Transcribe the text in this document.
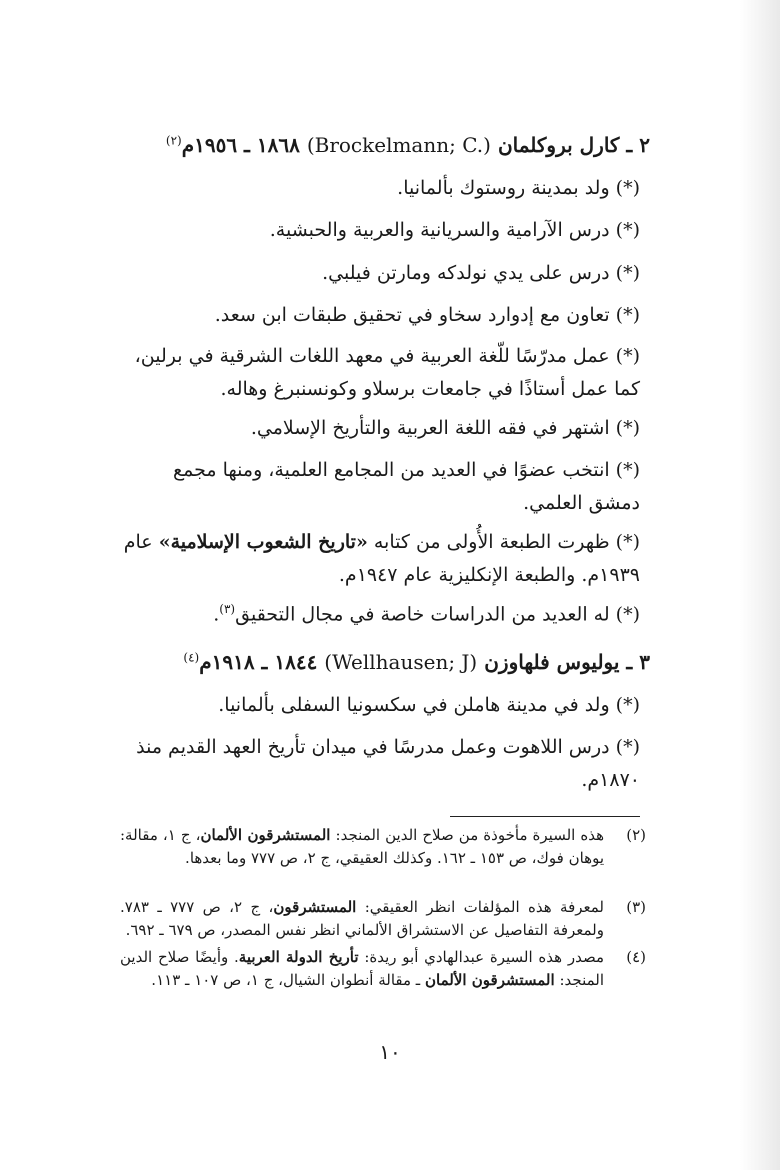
٢ ـ كارل بروكلمان (Brockelmann; C.) ١٨٦٨ ـ ١٩٥٦م$^{(٢)}$
(*) ولد بمدينة روستوك بألمانيا.
(*) درس الآرامية والسريانية والعربية والحبشية.
(*) درس على يدي نولدكه ومارتن فيلبي.
(*) تعاون مع إدوارد سخاو في تحقيق طبقات ابن سعد.
(*) عمل مدرّسًا للّغة العربية في معهد اللغات الشرقية في برلين، كما عمل أستاذًا في جامعات برسلاو وكونسنبرغ وهاله.
(*) اشتهر في فقه اللغة العربية والتأريخ الإسلامي.
(*) انتخب عضوًا في العديد من المجامع العلمية، ومنها مجمع دمشق العلمي.
(*) ظهرت الطبعة الأُولى من كتابه «تاريخ الشعوب الإسلامية» عام ١٩٣٩م. والطبعة الإنكليزية عام ١٩٤٧م.
(*) له العديد من الدراسات خاصة في مجال التحقيق$^{(٣)}$.
٣ ـ يوليوس فلهاوزن (Wellhausen; J) ١٨٤٤ ـ ١٩١٨م$^{(٤)}$
(*) ولد في مدينة هاملن في سكسونيا السفلى بألمانيا.
(*) درس اللاهوت وعمل مدرسًا في ميدان تأريخ العهد القديم منذ ١٨٧٠م.
(٢)
هذه السيرة مأخوذة من صلاح الدين المنجد: المستشرقون الألمان، ج ١، مقالة: يوهان فوك، ص ١٥٣ ـ ١٦٢. وكذلك العقيقي، ج ٢، ص ٧٧٧ وما بعدها.
(٣)
لمعرفة هذه المؤلفات انظر العقيقي: المستشرقون، ج ٢، ص ٧٧٧ ـ ٧٨٣. ولمعرفة التفاصيل عن الاستشراق الألماني انظر نفس المصدر، ص ٦٧٩ ـ ٦٩٢.
(٤)
مصدر هذه السيرة عبدالهادي أبو ريدة: تأريخ الدولة العربية. وأيضًا صلاح الدين المنجد: المستشرقون الألمان ـ مقالة أنطوان الشيال، ج ١، ص ١٠٧ ـ ١١٣.
١٠
